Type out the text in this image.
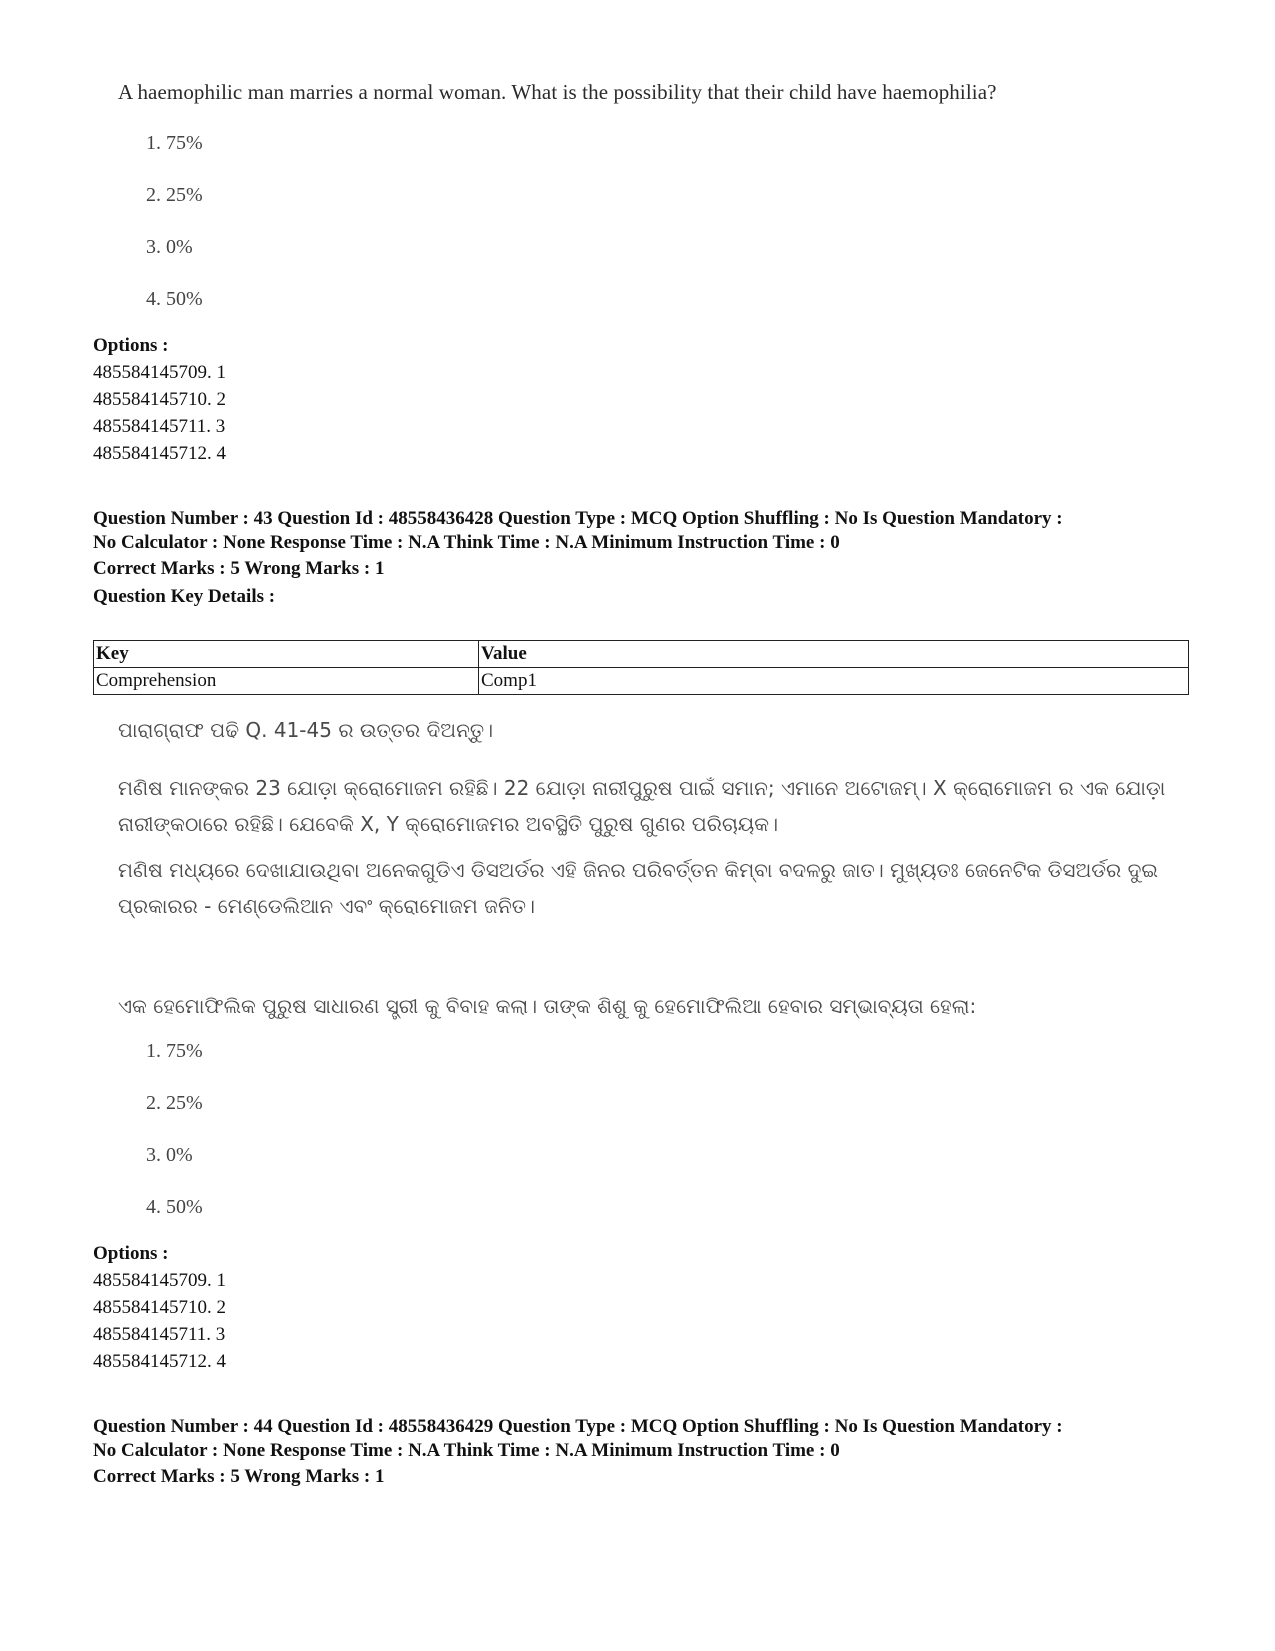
A haemophilic man marries a normal woman. What is the possibility that their child have haemophilia?
1. 75%
2. 25%
3. 0%
4. 50%
Options :
485584145709. 1
485584145710. 2
485584145711. 3
485584145712. 4
Question Number : 43 Question Id : 48558436428 Question Type : MCQ Option Shuffling : No Is Question Mandatory :
No Calculator : None Response Time : N.A Think Time : N.A Minimum Instruction Time : 0
Correct Marks : 5 Wrong Marks : 1
Question Key Details :
Key	Value
Comprehension	Comp1
ପାରାଗ୍ରାଫ ପଢି Q. 41-45 ର ଉତ୍ତର ଦିଅନ୍ତୁ।
ମଣିଷ ମାନଙ୍କର 23 ଯୋଡ଼ା କ୍ରୋମୋଜମ ରହିଛି। 22 ଯୋଡ଼ା ନାରୀପୁରୁଷ ପାଇଁ ସମାନ; ଏମାନେ ଅଟୋଜମ୍। X କ୍ରୋମୋଜମ ର ଏକ ଯୋଡ଼ା ନାରୀଙ୍କଠାରେ ରହିଛି। ଯେବେକି X, Y କ୍ରୋମୋଜମର ଅବସ୍ଥିତି ପୁରୁଷ ଗୁଣର ପରିଚାୟକ।
ମଣିଷ ମଧ୍ୟରେ ଦେଖାଯାଉଥିବା ଅନେକଗୁଡିଏ ଡିସଅର୍ଡର ଏହି ଜିନର ପରିବର୍ତ୍ତନ କିମ୍ବା ବଦଳରୁ ଜାତ। ମୁଖ୍ୟତଃ ଜେନେଟିକ ଡିସଅର୍ଡର ଦୁଇ ପ୍ରକାରର - ମେଣ୍ଡେଲିଆନ ଏବଂ କ୍ରୋମୋଜମ ଜନିତ।
ଏକ ହେମୋଫିଲିକ ପୁରୁଷ ସାଧାରଣ ସ୍ତ୍ରୀ କୁ ବିବାହ କଲା। ତାଙ୍କ ଶିଶୁ କୁ ହେମୋଫିଲିଆ ହେବାର ସମ୍ଭାବ୍ୟତା ହେଲା:
1. 75%
2. 25%
3. 0%
4. 50%
Options :
485584145709. 1
485584145710. 2
485584145711. 3
485584145712. 4
Question Number : 44 Question Id : 48558436429 Question Type : MCQ Option Shuffling : No Is Question Mandatory :
No Calculator : None Response Time : N.A Think Time : N.A Minimum Instruction Time : 0
Correct Marks : 5 Wrong Marks : 1
